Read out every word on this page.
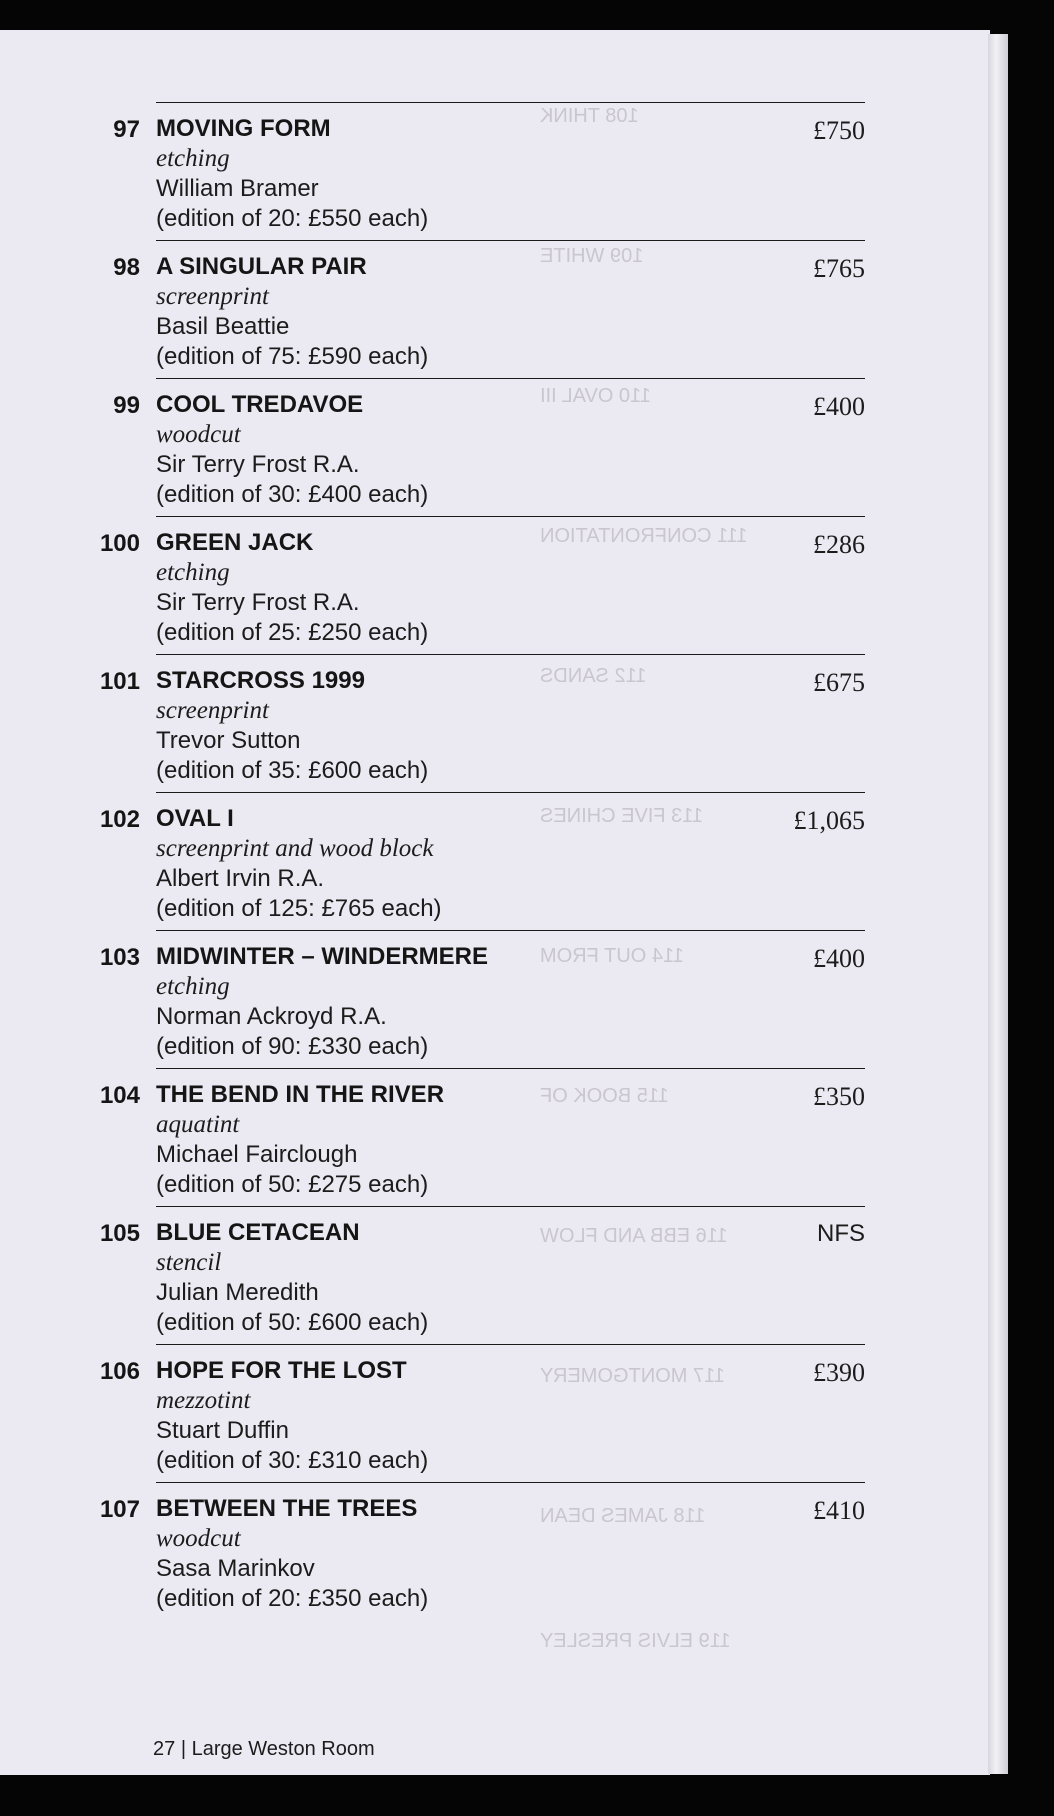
108 THINK
109 WHITE
110 OVAL III
111 CONFRONTATION
112 SANDS
113 FIVE CHINES
114 OUT FROM
115 BOOK OF
116 EBB AND FLOW
117 MONTGOMERY
118 JAMES DEAN
119 ELVIS PRESLEY
97 MOVING FORM
etching
William Bramer
(edition of 20: £550 each)
£750
98 A SINGULAR PAIR
screenprint
Basil Beattie
(edition of 75: £590 each)
£765
99 COOL TREDAVOE
woodcut
Sir Terry Frost R.A.
(edition of 30: £400 each)
£400
100 GREEN JACK
etching
Sir Terry Frost R.A.
(edition of 25: £250 each)
£286
101 STARCROSS 1999
screenprint
Trevor Sutton
(edition of 35: £600 each)
£675
102 OVAL I
screenprint and wood block
Albert Irvin R.A.
(edition of 125: £765 each)
£1,065
103 MIDWINTER – WINDERMERE
etching
Norman Ackroyd R.A.
(edition of 90: £330 each)
£400
104 THE BEND IN THE RIVER
aquatint
Michael Fairclough
(edition of 50: £275 each)
£350
105 BLUE CETACEAN
stencil
Julian Meredith
(edition of 50: £600 each)
NFS
106 HOPE FOR THE LOST
mezzotint
Stuart Duffin
(edition of 30: £310 each)
£390
107 BETWEEN THE TREES
woodcut
Sasa Marinkov
(edition of 20: £350 each)
£410
27 | Large Weston Room
